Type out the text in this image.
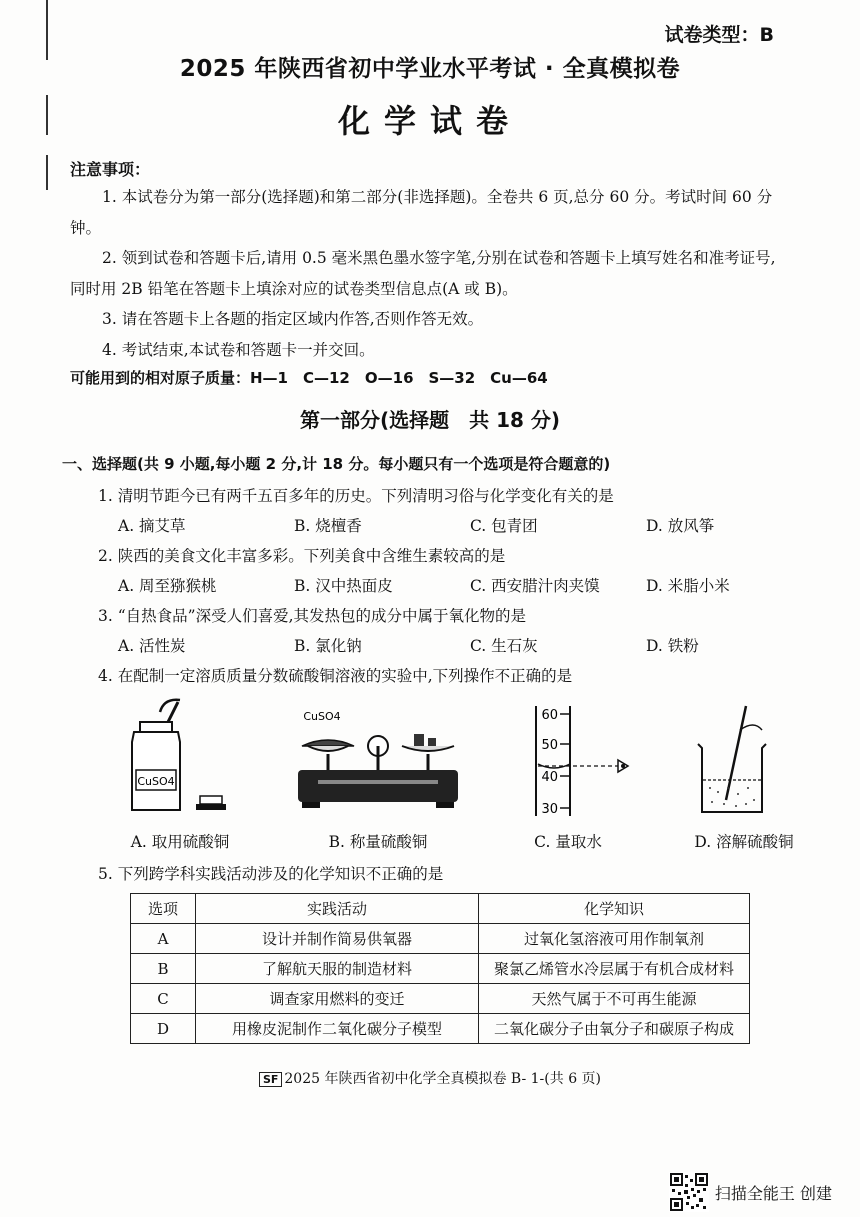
试卷类型：B
2025 年陕西省初中学业水平考试 · 全真模拟卷
化学试卷
注意事项：
1. 本试卷分为第一部分(选择题)和第二部分(非选择题)。全卷共 6 页,总分 60 分。考试时间 60 分钟。
2. 领到试卷和答题卡后,请用 0.5 毫米黑色墨水签字笔,分别在试卷和答题卡上填写姓名和准考证号,同时用 2B 铅笔在答题卡上填涂对应的试卷类型信息点(A 或 B)。
3. 请在答题卡上各题的指定区域内作答,否则作答无效。
4. 考试结束,本试卷和答题卡一并交回。
可能用到的相对原子质量：H—1　C—12　O—16　S—32　Cu—64
第一部分(选择题　共 18 分)
一、选择题(共 9 小题,每小题 2 分,计 18 分。每小题只有一个选项是符合题意的)
1. 清明节距今已有两千五百多年的历史。下列清明习俗与化学变化有关的是
A. 摘艾草	B. 烧檀香	C. 包青团	D. 放风筝
2. 陕西的美食文化丰富多彩。下列美食中含维生素较高的是
A. 周至猕猴桃	B. 汉中热面皮	C. 西安腊汁肉夹馍	D. 米脂小米
3. “自热食品”深受人们喜爱,其发热包的成分中属于氧化物的是
A. 活性炭	B. 氯化钠	C. 生石灰	D. 铁粉
4. 在配制一定溶质质量分数硫酸铜溶液的实验中,下列操作不正确的是
CuSO4
CuSO4	60
50
40
30
A. 取用硫酸铜	B. 称量硫酸铜	C. 量取水	D. 溶解硫酸铜
5. 下列跨学科实践活动涉及的化学知识不正确的是
选项	实践活动	化学知识
A	设计并制作简易供氧器	过氧化氢溶液可用作制氧剂
B	了解航天服的制造材料	聚氯乙烯管水冷层属于有机合成材料
C	调查家用燃料的变迁	天然气属于不可再生能源
D	用橡皮泥制作二氧化碳分子模型	二氧化碳分子由氧分子和碳原子构成
SF 2025 年陕西省初中化学全真模拟卷 B- 1-(共 6 页)
扫描全能王 创建
